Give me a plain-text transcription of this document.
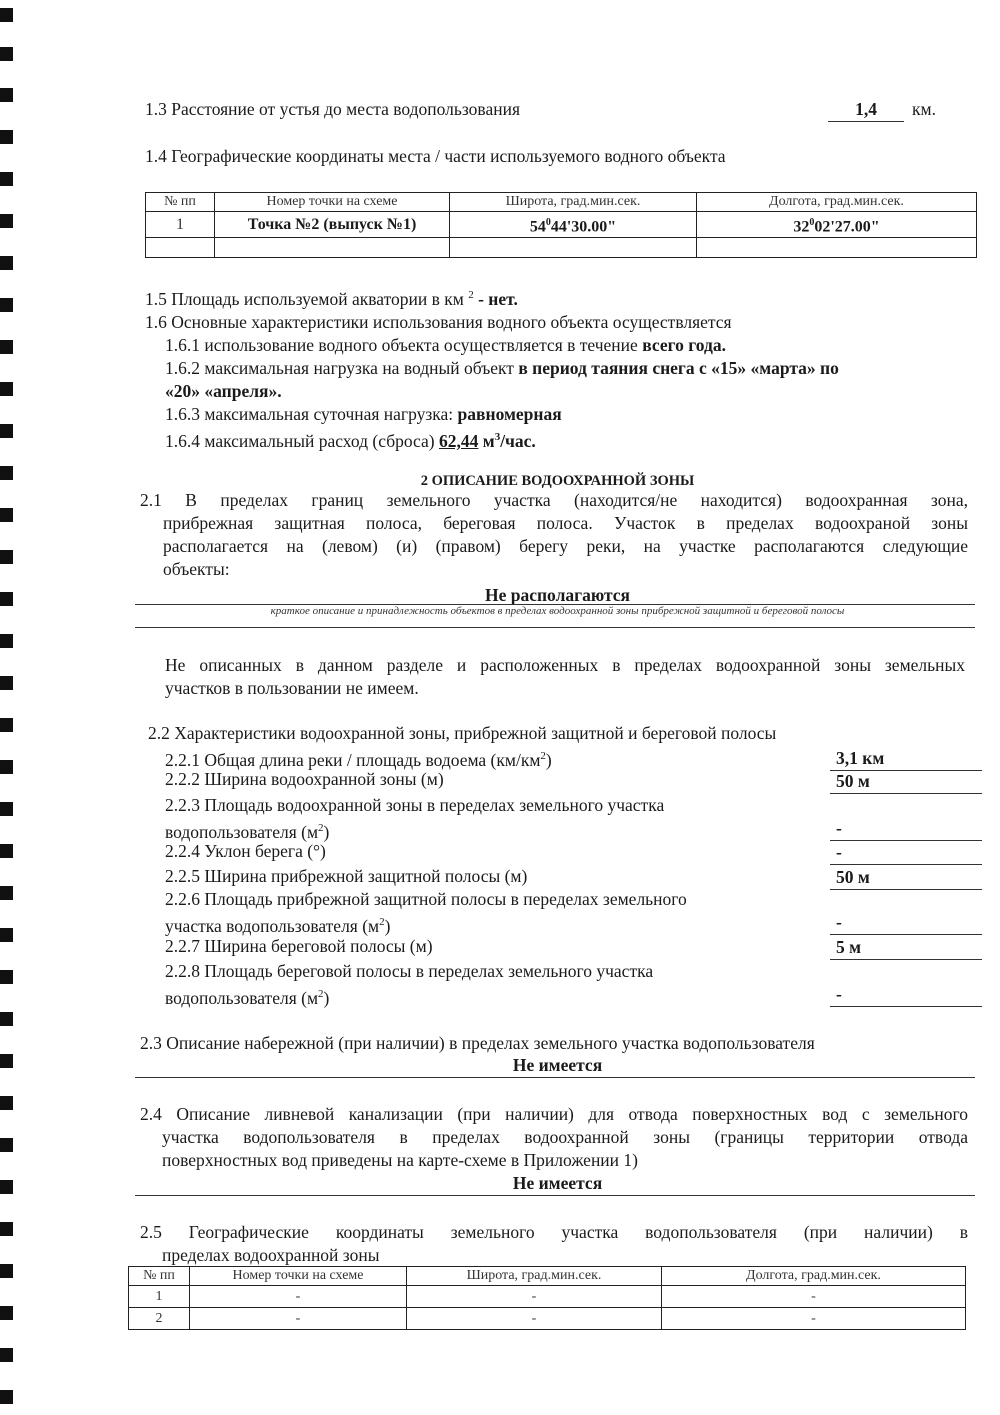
1.3 Расстояние от устья до места водопользования	1,4	км.
1.4 Географические координаты места / части используемого водного объекта
№ пп	Номер точки на схеме	Широта, град.мин.сек.	Долгота, град.мин.сек.
1	Точка №2 (выпуск №1)	$54^044'30.00$"	$32^002'27.00$"

1.5 Площадь используемой акватории в км $^2$ - нет.
1.6 Основные характеристики использования водного объекта осуществляется
1.6.1 использование водного объекта осуществляется в течение всего года.
1.6.2 максимальная нагрузка на водный объект в период таяния снега с «15» «марта» по
«20» «апреля».
1.6.3 максимальная суточная нагрузка: равномерная
1.6.4 максимальный расход (сброса) 62,44 $м^3$/час.
2 ОПИСАНИЕ ВОДООХРАННОЙ ЗОНЫ
2.1 В пределах границ земельного участка (находится/не находится) водоохранная зона,
прибрежная защитная полоса, береговая полоса. Участок в пределах водоохраной зоны
располагается на (левом) (и) (правом) берегу реки, на участке располагаются следующие
объекты:
Не располагаются
краткое описание и принадлежность объектов в пределах водоохранной зоны прибрежной защитной и береговой полосы
Не описанных в данном разделе и расположенных в пределах водоохранной зоны земельных
участков в пользовании не имеем.
2.2 Характеристики водоохранной зоны, прибрежной защитной и береговой полосы
2.2.1 Общая длина реки / площадь водоема $(км/км^2)$	3,1 км
2.2.2 Ширина водоохранной зоны (м)	50 м
2.2.3 Площадь водоохранной зоны в переделах земельного участка
водопользователя $(м^2)$	-
2.2.4 Уклон берега (°)	-
2.2.5 Ширина прибрежной защитной полосы (м)	50 м
2.2.6 Площадь прибрежной защитной полосы в переделах земельного
участка водопользователя $(м^2)$	-
2.2.7 Ширина береговой полосы (м)	5 м
2.2.8 Площадь береговой полосы в переделах земельного участка
водопользователя $(м^2)$	-
2.3 Описание набережной (при наличии) в пределах земельного участка водопользователя
Не имеется
2.4 Описание ливневой канализации (при наличии) для отвода поверхностных вод с земельного
участка водопользователя в пределах водоохранной зоны (границы территории отвода
поверхностных вод приведены на карте-схеме в Приложении 1)
Не имеется
2.5 Географические координаты земельного участка водопользователя (при наличии) в
пределах водоохранной зоны
№ пп	Номер точки на схеме	Широта, град.мин.сек.	Долгота, град.мин.сек.
1	-	-	-
2	-	-	-
